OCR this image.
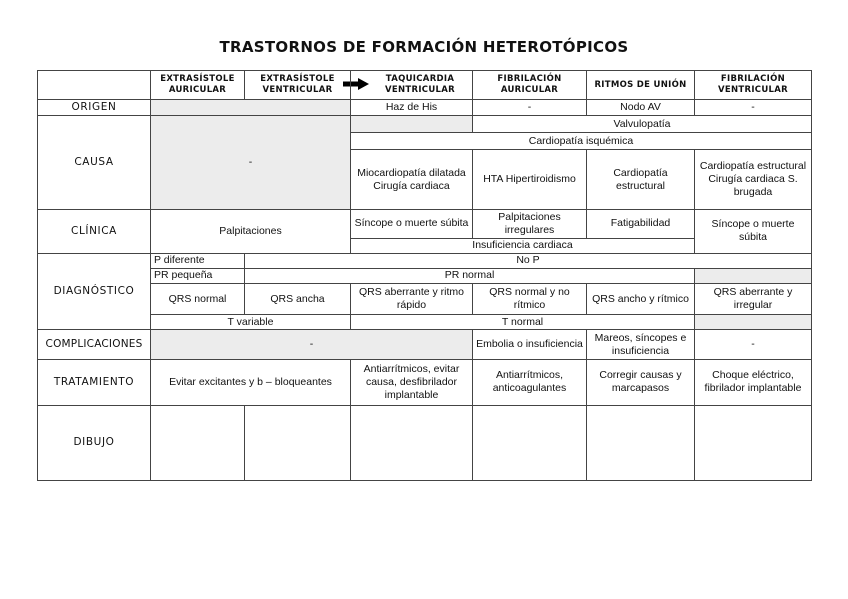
TRASTORNOS DE FORMACIÓN HETEROTÓPICOS
	EXTRASÍSTOLE AURICULAR	EXTRASÍSTOLE VENTRICULAR	TAQUICARDIA VENTRICULAR	FIBRILACIÓN AURICULAR	RITMOS DE UNIÓN	FIBRILACIÓN VENTRICULAR
ORIGEN			Haz de His	-	Nodo AV	-
CAUSA	-			Valvulopatía		
			Cardiopatía isquémica			
			Miocardiopatía dilatada Cirugía cardiaca	HTA Hipertiroidismo	Cardiopatía estructural	Cardiopatía estructural Cirugía cardiaca S. brugada
CLÍNICA	Palpitaciones		Síncope o muerte súbita	Palpitaciones irregulares	Fatigabilidad	Síncope o muerte súbita
			Insuficiencia cardiaca			
DIAGNÓSTICO	P diferente	No P				
	PR pequeña	PR normal				
	QRS normal	QRS ancha	QRS aberrante y ritmo rápido	QRS normal y no rítmico	QRS ancho y rítmico	QRS aberrante y irregular
	T variable		T normal			
COMPLICACIONES	-			Embolia o insuficiencia	Mareos, síncopes e insuficiencia	-
TRATAMIENTO	Evitar excitantes y b – bloqueantes		Antiarrítmicos, evitar causa, desfibrilador implantable	Antiarrítmicos, anticoagulantes	Corregir causas y marcapasos	Choque eléctrico, fibrilador implantable
DIBUJO						
